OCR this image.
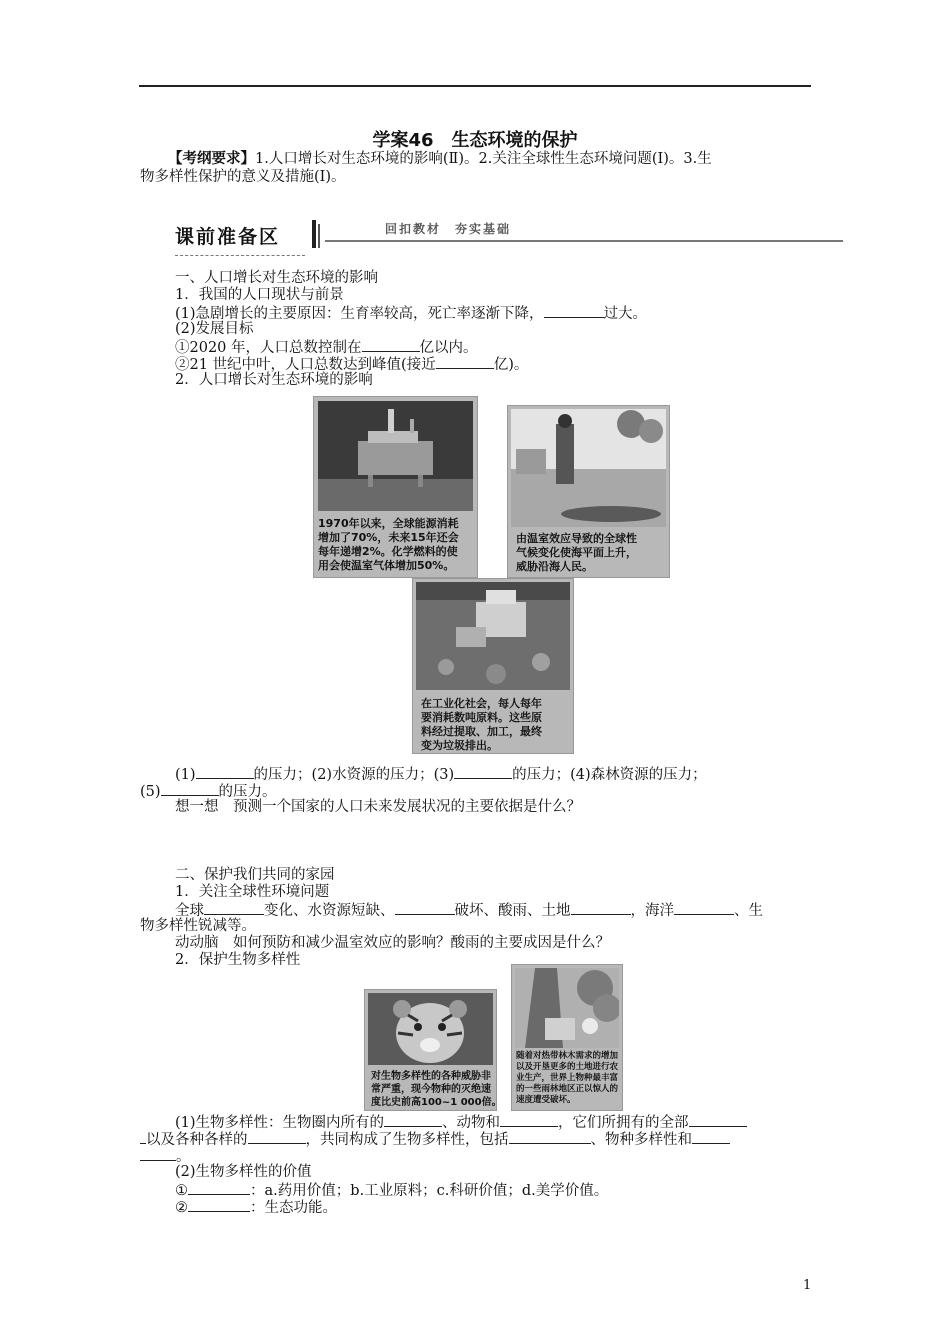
学案46　生态环境的保护
【考纲要求】1.人口增长对生态环境的影响(Ⅱ)。2.关注全球性生态环境问题(Ⅰ)。3.生
物多样性保护的意义及措施(Ⅰ)。
课前准备区	回扣教材　夯实基础
一、人口增长对生态环境的影响
1．我国的人口现状与前景
(1)急剧增长的主要原因：生育率较高，死亡率逐渐下降，	过大。
(2)发展目标
①2020 年，人口总数控制在	亿以内。
②21 世纪中叶，人口总数达到峰值(接近	亿)。
2．人口增长对生态环境的影响
1970年以来，全球能源消耗
增加了70%，未来15年还会
每年递增2%。化学燃料的使
用会使温室气体增加50%。
由温室效应导致的全球性
气候变化使海平面上升，
威胁沿海人民。
在工业化社会，每人每年
要消耗数吨原料。这些原
料经过提取、加工，最终
变为垃圾排出。
(1)	的压力；(2)水资源的压力；(3)	的压力；(4)森林资源的压力；
(5)	的压力。
想一想　预测一个国家的人口未来发展状况的主要依据是什么？
二、保护我们共同的家园
1．关注全球性环境问题
全球	变化、水资源短缺、	破坏、酸雨、土地	，海洋	、生
物多样性锐减等。
动动脑　如何预防和减少温室效应的影响？酸雨的主要成因是什么？
2．保护生物多样性
对生物多样性的各种威胁非
常严重，现今物种的灭绝速
度比史前高100~1 000倍。
随着对热带林木需求的增加
以及开垦更多的土地进行农
业生产，世界上物种最丰富
的一些雨林地区正以惊人的
速度遭受破坏。
(1)生物多样性：生物圈内所有的	、动物和	，它们所拥有的全部
以及各种各样的	，共同构成了生物多样性，包括	、物种多样性和
。
(2)生物多样性的价值
①	：a.药用价值；b.工业原料；c.科研价值；d.美学价值。
②	：生态功能。
1
